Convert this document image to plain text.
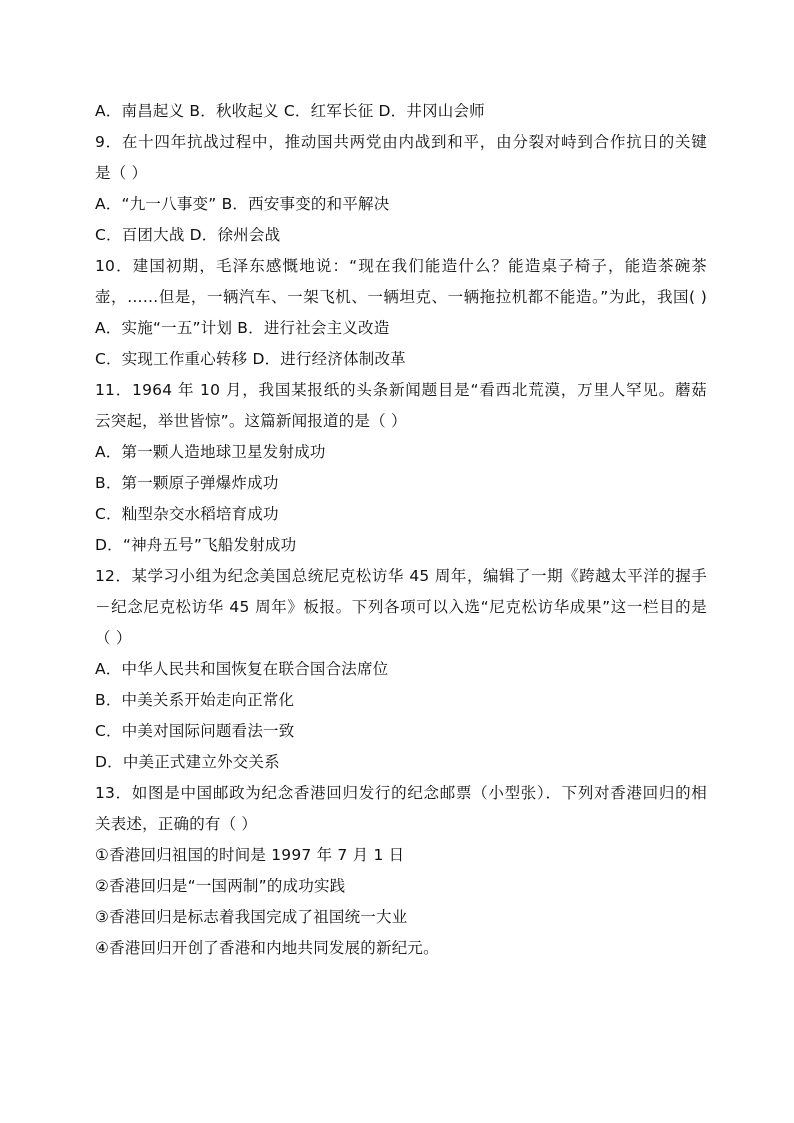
A．南昌起义 B．秋收起义 C．红军长征 D．井冈山会师
9．在十四年抗战过程中，推动国共两党由内战到和平，由分裂对峙到合作抗日的关键
是（ ）
A．“九一八事变” B．西安事变的和平解决
C．百团大战 D．徐州会战
10．建国初期，毛泽东感慨地说：“现在我们能造什么？能造桌子椅子，能造茶碗茶
壶，……但是，一辆汽车、一架飞机、一辆坦克、一辆拖拉机都不能造。”为此，我国( )
A．实施“一五”计划 B．进行社会主义改造
C．实现工作重心转移 D．进行经济体制改革
11．1964 年 10 月，我国某报纸的头条新闻题目是“看西北荒漠，万里人罕见。蘑菇
云突起，举世皆惊”。这篇新闻报道的是（ ）
A．第一颗人造地球卫星发射成功
B．第一颗原子弹爆炸成功
C．籼型杂交水稻培育成功
D．“神舟五号”飞船发射成功
12．某学习小组为纪念美国总统尼克松访华 45 周年，编辑了一期《跨越太平洋的握手
－纪念尼克松访华 45 周年》板报。下列各项可以入选“尼克松访华成果”这一栏目的是
（ ）
A．中华人民共和国恢复在联合国合法席位
B．中美关系开始走向正常化
C．中美对国际问题看法一致
D．中美正式建立外交关系
13．如图是中国邮政为纪念香港回归发行的纪念邮票（小型张）．下列对香港回归的相
关表述，正确的有（ ）
①香港回归祖国的时间是 1997 年 7 月 1 日
②香港回归是“一国两制”的成功实践
③香港回归是标志着我国完成了祖国统一大业
④香港回归开创了香港和内地共同发展的新纪元。
